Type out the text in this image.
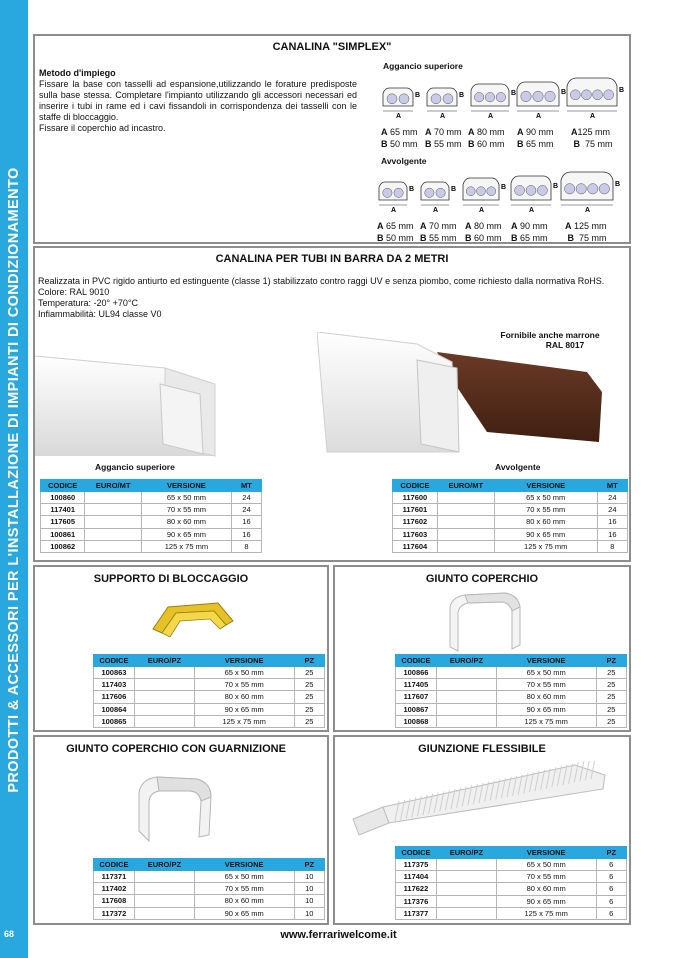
PRODOTTI & ACCESSORI PER L'INSTALLAZIONE DI IMPIANTI DI CONDIZIONAMENTO
68
CANALINA "SIMPLEX"
Metodo d'impiego
Fissare la base con tasselli ad espansione,utilizzando le forature predisposte sulla base stessa. Completare l'impianto utilizzando gli accessori necessari ed inserire i tubi in rame ed i cavi fissandoli in corrispondenza dei tasselli con le staffe di bloccaggio.
Fissare il coperchio ad incastro.
Aggancio superiore
Avvolgente
A
B
A
B
A
B
A
B
A
B
A
B
A
B
A
B
A
B
A
B
A 65 mm
B 50 mm
A 70 mm
B 55 mm
A 80 mm
B 60 mm
A 90 mm
B 65 mm
A125 mm
B 75 mm
A 65 mm
B 50 mm
A 70 mm
B 55 mm
A 80 mm
B 60 mm
A 90 mm
B 65 mm
A 125 mm
B 75 mm
CANALINA PER TUBI IN BARRA DA 2 METRI
Realizzata in PVC rigido antiurto ed estinguente (classe 1) stabilizzato contro raggi UV e senza piombo, come richiesto dalla normativa RoHS.
Colore: RAL 9010
Temperatura: -20° +70°C
Infiammabilità: UL94 classe V0
Fornibile anche marrone
RAL 8017
Aggancio superiore	Avvolgente
CODICE	EURO/MT	VERSIONE	MT
100860		65 x 50 mm	24
117401		70 x 55 mm	24
117605		80 x 60 mm	16
100861		90 x 65 mm	16
100862		125 x 75 mm	8
CODICE	EURO/MT	VERSIONE	MT
117600		65 x 50 mm	24
117601		70 x 55 mm	24
117602		80 x 60 mm	16
117603		90 x 65 mm	16
117604		125 x 75 mm	8
SUPPORTO DI BLOCCAGGIO
CODICE	EURO/PZ	VERSIONE	PZ
100863		65 x 50 mm	25
117403		70 x 55 mm	25
117606		80 x 60 mm	25
100864		90 x 65 mm	25
100865		125 x 75 mm	25
GIUNTO COPERCHIO
CODICE	EURO/PZ	VERSIONE	PZ
100866		65 x 50 mm	25
117405		70 x 55 mm	25
117607		80 x 60 mm	25
100867		90 x 65 mm	25
100868		125 x 75 mm	25
GIUNTO COPERCHIO CON GUARNIZIONE
CODICE	EURO/PZ	VERSIONE	PZ
117371		65 x 50 mm	10
117402		70 x 55 mm	10
117608		80 x 60 mm	10
117372		90 x 65 mm	10
GIUNZIONE FLESSIBILE
CODICE	EURO/PZ	VERSIONE	PZ
117375		65 x 50 mm	6
117404		70 x 55 mm	6
117622		80 x 60 mm	6
117376		90 x 65 mm	6
117377		125 x 75 mm	6
www.ferrariwelcome.it
